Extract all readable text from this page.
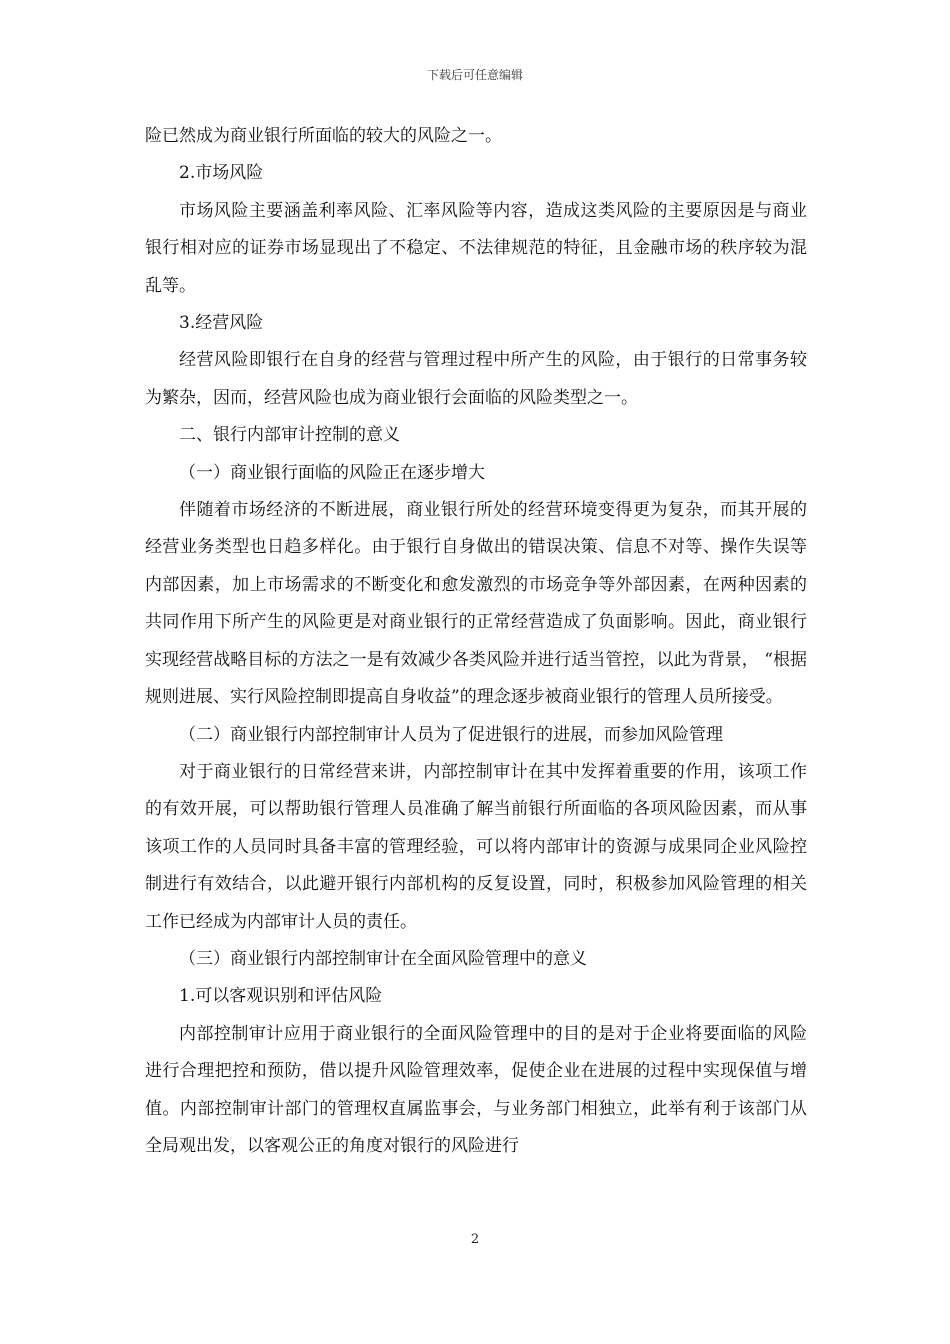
下载后可任意编辑

险已然成为商业银行所面临的较大的风险之一。

2.市场风险

市场风险主要涵盖利率风险、汇率风险等内容，造成这类风险的主要原因是与商业银行相对应的证券市场显现出了不稳定、不法律规范的特征，且金融市场的秩序较为混乱等。

3.经营风险

经营风险即银行在自身的经营与管理过程中所产生的风险，由于银行的日常事务较为繁杂，因而，经营风险也成为商业银行会面临的风险类型之一。

二、银行内部审计控制的意义

（一）商业银行面临的风险正在逐步增大

伴随着市场经济的不断进展，商业银行所处的经营环境变得更为复杂，而其开展的经营业务类型也日趋多样化。由于银行自身做出的错误决策、信息不对等、操作失误等内部因素，加上市场需求的不断变化和愈发激烈的市场竞争等外部因素，在两种因素的共同作用下所产生的风险更是对商业银行的正常经营造成了负面影响。因此，商业银行实现经营战略目标的方法之一是有效减少各类风险并进行适当管控，以此为背景， “根据规则进展、实行风险控制即提高自身收益”的理念逐步被商业银行的管理人员所接受。

（二）商业银行内部控制审计人员为了促进银行的进展，而参加风险管理

对于商业银行的日常经营来讲，内部控制审计在其中发挥着重要的作用，该项工作的有效开展，可以帮助银行管理人员准确了解当前银行所面临的各项风险因素，而从事该项工作的人员同时具备丰富的管理经验，可以将内部审计的资源与成果同企业风险控制进行有效结合，以此避开银行内部机构的反复设置，同时，积极参加风险管理的相关工作已经成为内部审计人员的责任。

（三）商业银行内部控制审计在全面风险管理中的意义

1.可以客观识别和评估风险

内部控制审计应用于商业银行的全面风险管理中的目的是对于企业将要面临的风险进行合理把控和预防，借以提升风险管理效率，促使企业在进展的过程中实现保值与增值。内部控制审计部门的管理权直属监事会，与业务部门相独立，此举有利于该部门从全局观出发，以客观公正的角度对银行的风险进行

2
